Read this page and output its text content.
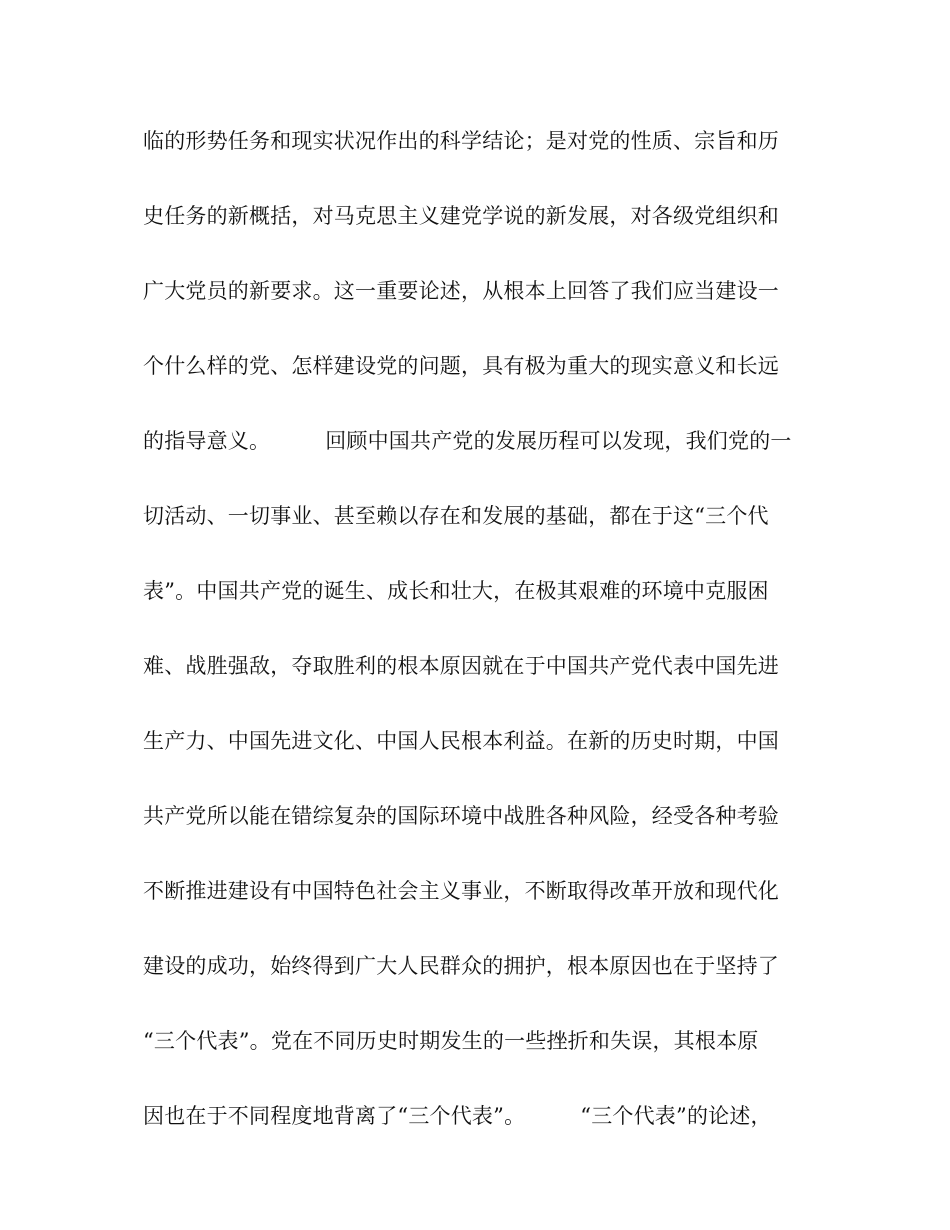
临的形势任务和现实状况作出的科学结论；是对党的性质、宗旨和历
史任务的新概括，对马克思主义建党学说的新发展，对各级党组织和
广大党员的新要求。这一重要论述，从根本上回答了我们应当建设一
个什么样的党、怎样建设党的问题，具有极为重大的现实意义和长远
的指导意义。        回顾中国共产党的发展历程可以发现，我们党的一
切活动、一切事业、甚至赖以存在和发展的基础，都在于这“三个代
表”。中国共产党的诞生、成长和壮大，在极其艰难的环境中克服困
难、战胜强敌，夺取胜利的根本原因就在于中国共产党代表中国先进
生产力、中国先进文化、中国人民根本利益。在新的历史时期，中国
共产党所以能在错综复杂的国际环境中战胜各种风险，经受各种考验
不断推进建设有中国特色社会主义事业，不断取得改革开放和现代化
建设的成功，始终得到广大人民群众的拥护，根本原因也在于坚持了
“三个代表”。党在不同历史时期发生的一些挫折和失误，其根本原
因也在于不同程度地背离了“三个代表”。        “三个代表”的论述，
